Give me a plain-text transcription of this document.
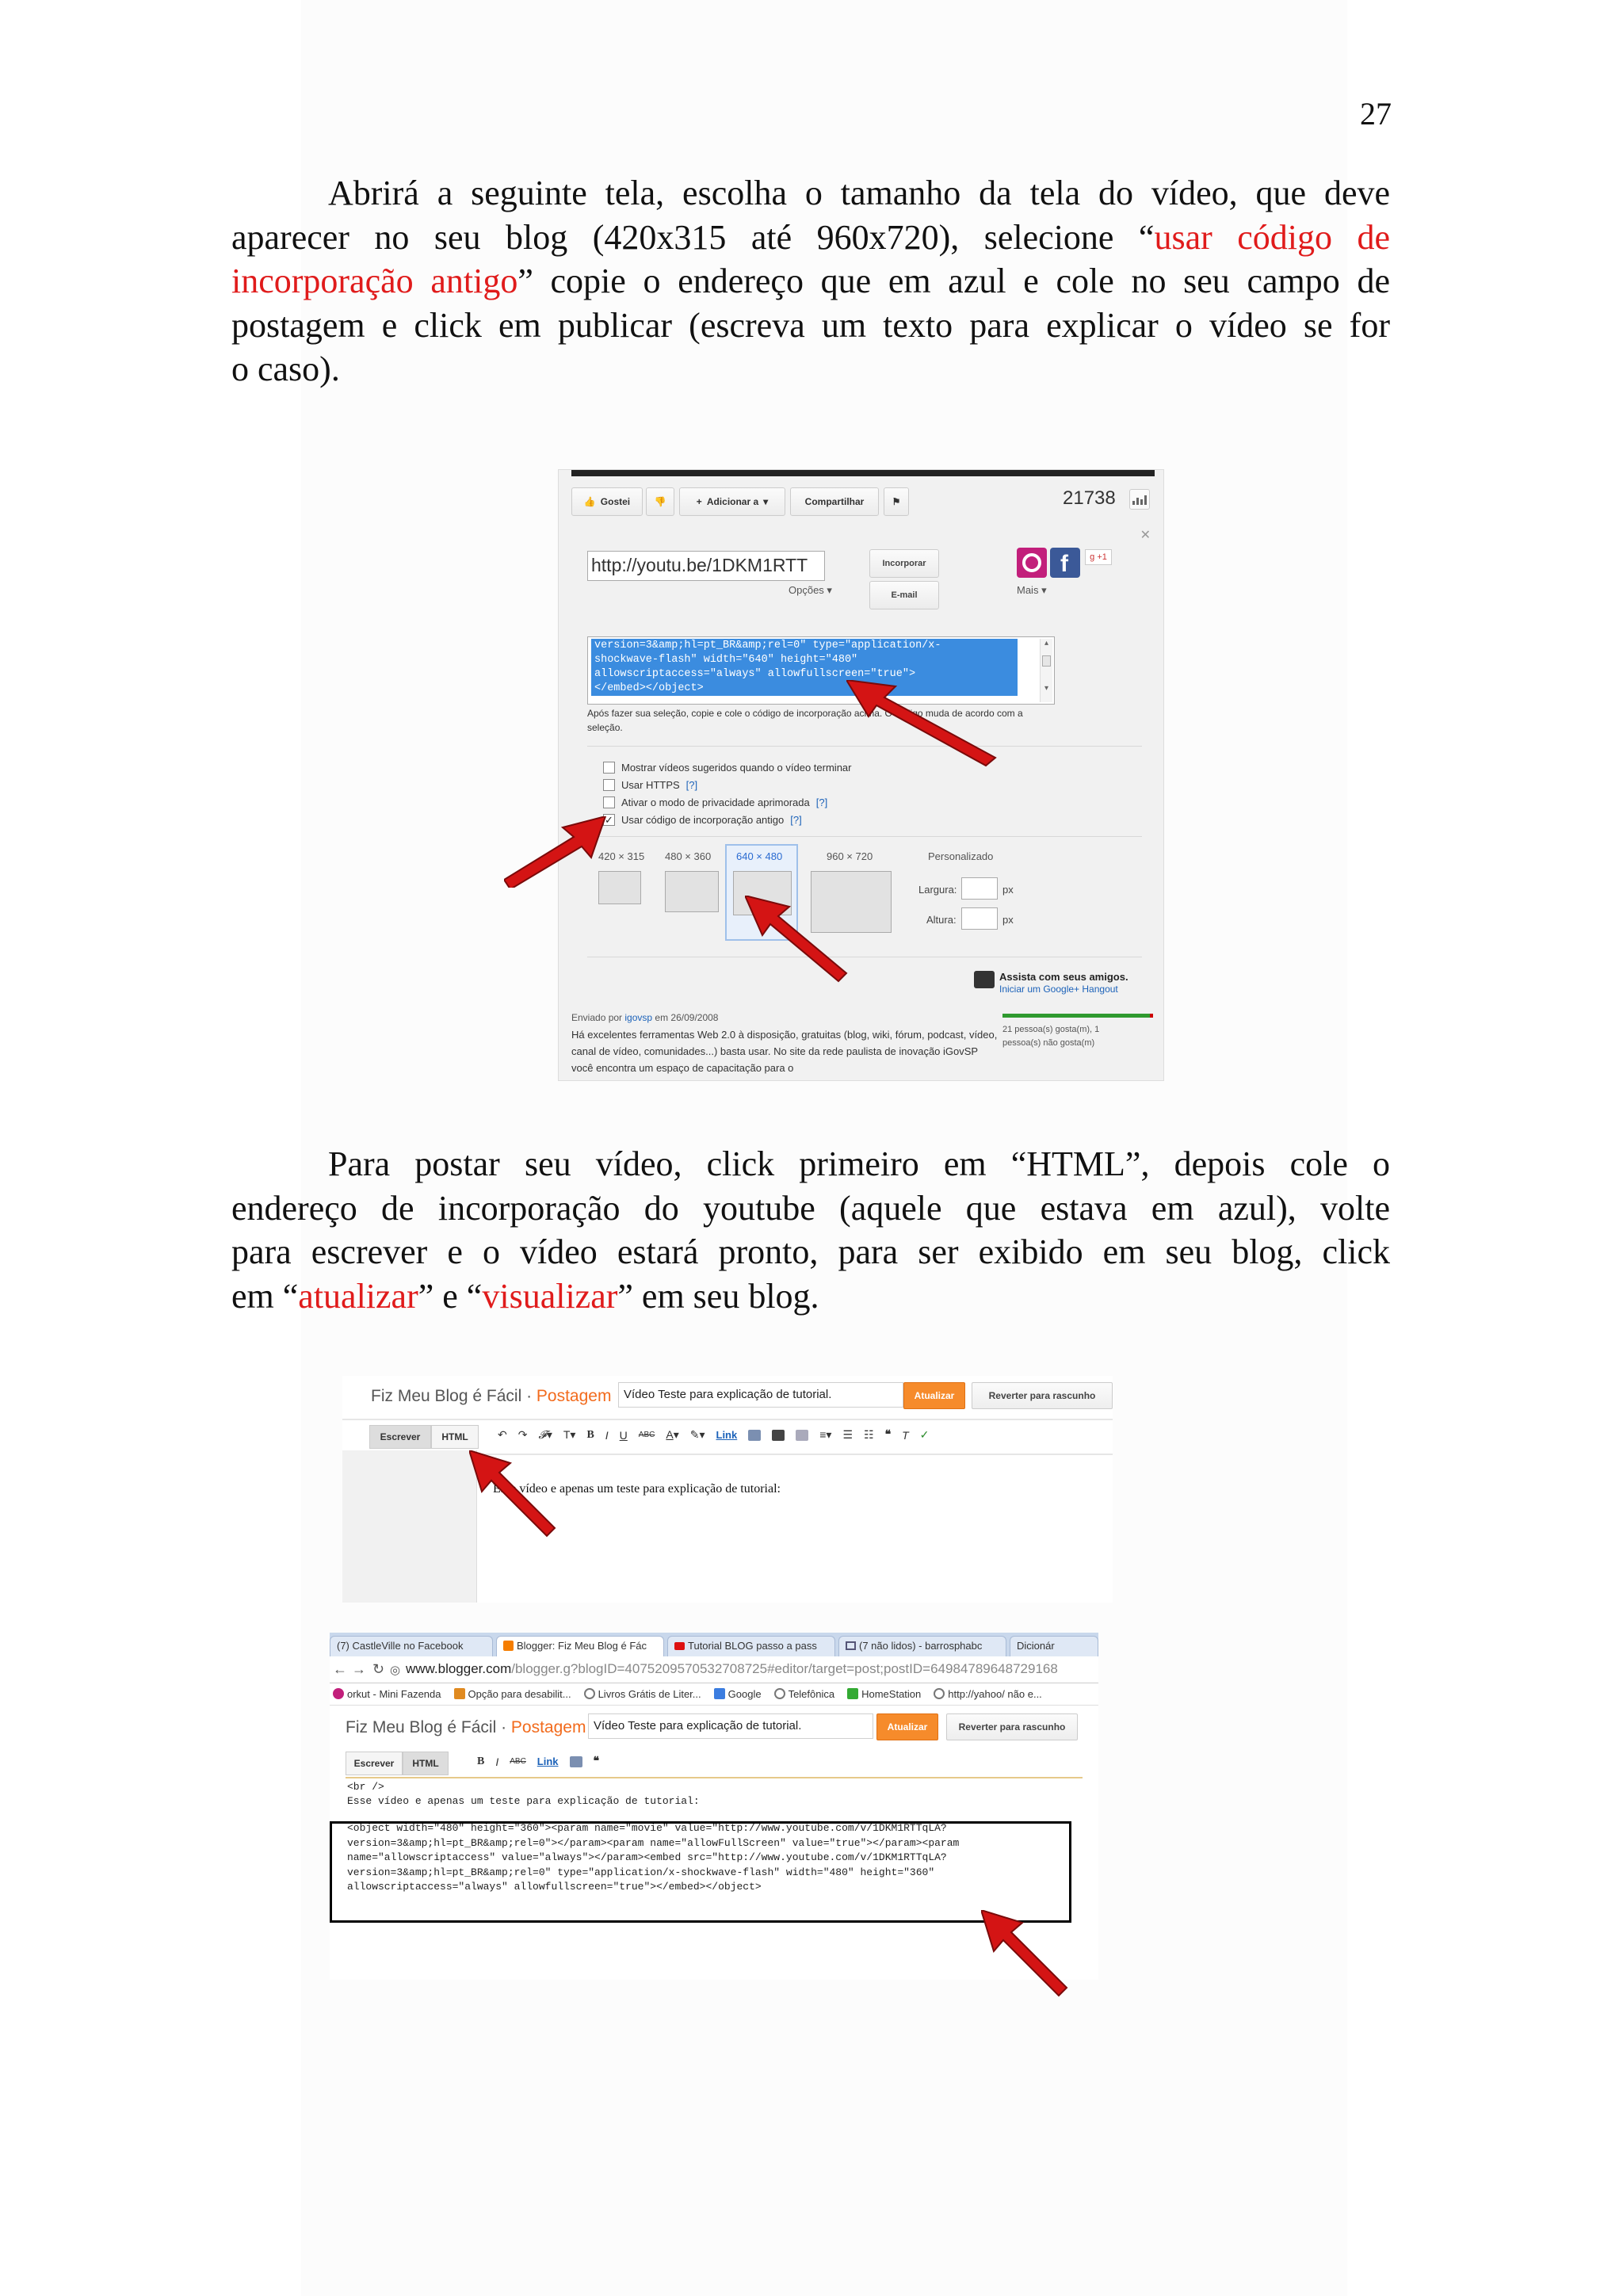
27
Abrirá a seguinte tela, escolha o tamanho da tela do vídeo, que deve
aparecer no seu blog (420x315 até 960x720), selecione “usar código de
incorporação antigo” copie o endereço que em azul e cole no seu campo de
postagem e click em publicar (escreva um texto para explicar o vídeo se for
o caso).
👍 Gostei	👎	+ Adicionar a ▾	Compartilhar	⚑	21738
✕
http://youtu.be/1DKM1RTT
Opções ▾
Incorporar
E-mail
f g
+1
Mais ▾
version=3&amp;hl=pt_BR&amp;rel=0" type="application/x-
shockwave-flash" width="640" height="480"
allowscriptaccess="always" allowfullscreen="true">
</embed></object>
▴
▾
Após fazer sua seleção, copie e cole o código de incorporação acima. O código muda de acordo com a seleção.
Mostrar vídeos sugeridos quando o vídeo terminar
Usar HTTPS [?]
Ativar o modo de privacidade aprimorada [?]
✓ Usar código de incorporação antigo [?]
420 × 315 480 × 360 640 × 480	960 × 720	Personalizado
Largura:	px
Altura:	px
Assista com seus amigos.
Iniciar um Google+ Hangout
Enviado por igovsp em 26/09/2008
Há excelentes ferramentas Web 2.0 à disposição, gratuitas (blog, wiki, fórum, podcast, vídeo, canal de vídeo, comunidades...) basta usar. No site da rede paulista de inovação iGovSP você encontra um espaço de capacitação para o
21 pessoa(s) gosta(m), 1
pessoa(s) não gosta(m)
Para postar seu vídeo, click primeiro em “HTML”, depois cole o
endereço de incorporação do youtube (aquele que estava em azul), volte
para escrever e o vídeo estará pronto, para ser exibido em seu blog, click
em “atualizar” e “visualizar” em seu blog.
Fiz Meu Blog é Fácil · Postagem	Vídeo Teste para explicação de tutorial.	Atualizar	Reverter para rascunho
Escrever	HTML	↶ ↷ 𝓕▾ T▾ B I U ABC A▾ ✎▾ Link	≡▾ ☰ ☷ ❝ T ✓
Esse vídeo e apenas um teste para explicação de tutorial:
(7) CastleVille no Facebook	Blogger: Fiz Meu Blog é Fác	Tutorial BLOG passo a pass	(7 não lidos) - barrosphabc	Dicionár
← → ↻ ◎ www.blogger.com/blogger.g?blogID=4075209570532708725#editor/target=post;postID=64984789648729168
orkut - Mini Fazenda	Opção para desabilit...	Livros Grátis de Liter...	Google	Telefônica	HomeStation	http://yahoo/ não e...
Fiz Meu Blog é Fácil · Postagem Vídeo Teste para explicação de tutorial.	Atualizar	Reverter para rascunho
Escrever	HTML	B I ABC Link	❝
<br />
Esse vídeo e apenas um teste para explicação de tutorial:
<object width="480" height="360"><param name="movie" value="http://www.youtube.com/v/1DKM1RTTqLA?
version=3&amp;hl=pt_BR&amp;rel=0"></param><param name="allowFullScreen" value="true"></param><param
name="allowscriptaccess" value="always"></param><embed src="http://www.youtube.com/v/1DKM1RTTqLA?
version=3&amp;hl=pt_BR&amp;rel=0" type="application/x-shockwave-flash" width="480" height="360"
allowscriptaccess="always" allowfullscreen="true"></embed></object>
